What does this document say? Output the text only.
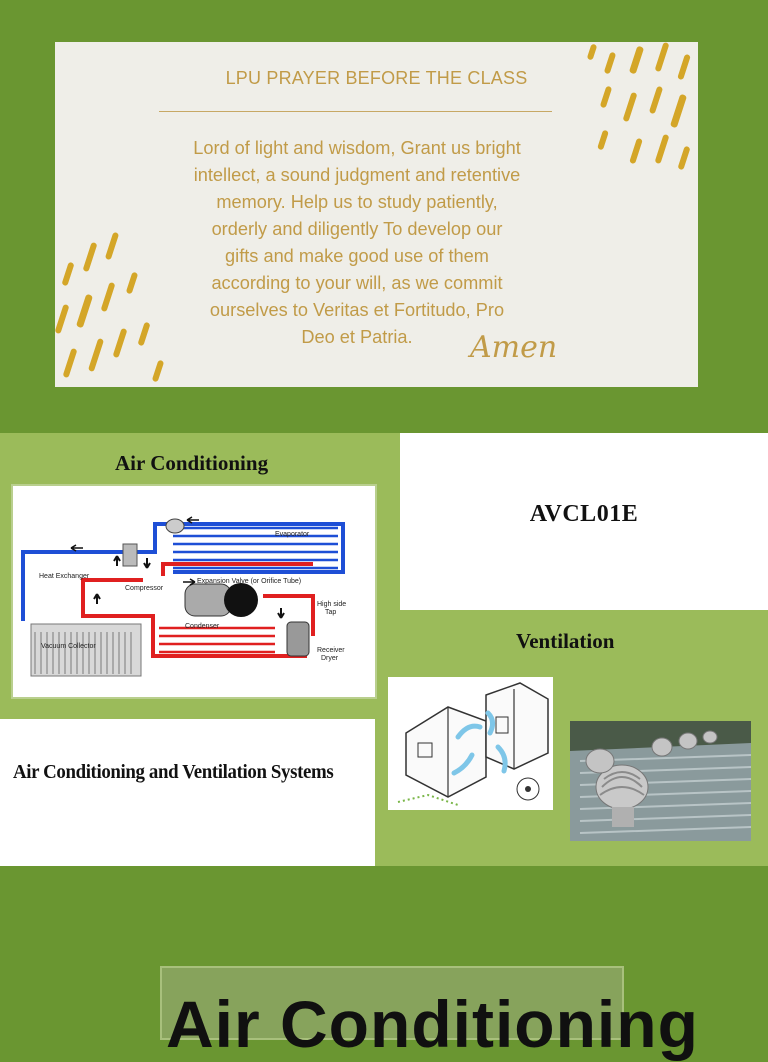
LPU PRAYER BEFORE THE CLASS
Lord of light and wisdom, Grant us bright
intellect, a sound judgment and retentive
memory. Help us to study patiently,
orderly and diligently To develop our
gifts and make good use of them
according to your will, as we commit
ourselves to Veritas et Fortitudo, Pro
Deo et Patria.	Amen
Air Conditioning
AVCL01E
Evaporator
Expansion Valve (or Orifice Tube)
Heat Exchanger
Compressor
High side
Tap
Condenser
Receiver
Dryer
Vacuum Collector	Ventilation
Air Conditioning and Ventilation Systems
Air Conditioning
